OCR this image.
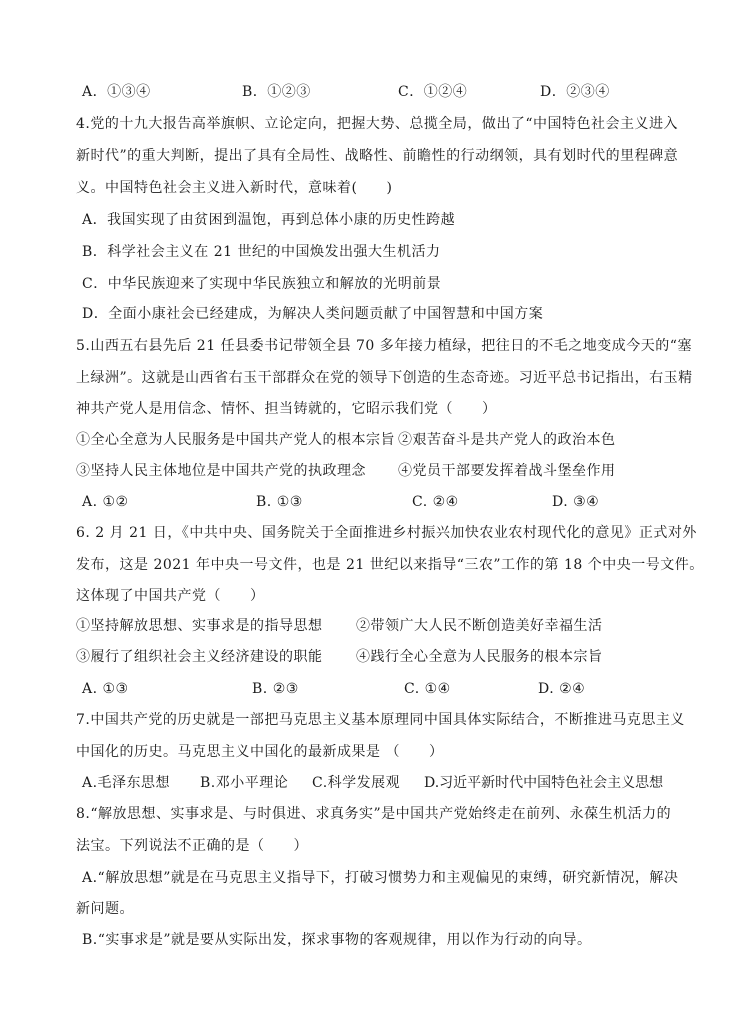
A．①③④	B．①②③	C．①②④	D．②③④
4.党的十九大报告高举旗帜、立论定向，把握大势、总揽全局，做出了“中国特色社会主义进入
新时代”的重大判断，提出了具有全局性、战略性、前瞻性的行动纲领，具有划时代的里程碑意
义。中国特色社会主义进入新时代，意味着(　　)
A．我国实现了由贫困到温饱，再到总体小康的历史性跨越
B．科学社会主义在 21 世纪的中国焕发出强大生机活力
C．中华民族迎来了实现中华民族独立和解放的光明前景
D．全面小康社会已经建成，为解决人类问题贡献了中国智慧和中国方案
5.山西五右县先后 21 任县委书记带领全县 70 多年接力植绿，把往日的不毛之地变成今天的“塞
上绿洲”。这就是山西省右玉干部群众在党的领导下创造的生态奇迹。习近平总书记指出，右玉精
神共产党人是用信念、情怀、担当铸就的，它昭示我们党（　　）
①全心全意为人民服务是中国共产党人的根本宗旨 ②艰苦奋斗是共产党人的政治本色
③坚持人民主体地位是中国共产党的执政理念 ④党员干部要发挥着战斗堡垒作用
A. ①②	B. ①③	C. ②④	D. ③④
6. 2 月 21 日，《中共中央、国务院关于全面推进乡村振兴加快农业农村现代化的意见》正式对外
发布，这是 2021 年中央一号文件，也是 21 世纪以来指导“三农”工作的第 18 个中央一号文件。
这体现了中国共产党（　　）
①坚持解放思想、实事求是的指导思想 ②带领广大人民不断创造美好幸福生活
③履行了组织社会主义经济建设的职能 ④践行全心全意为人民服务的根本宗旨
A. ①③	B. ②③	C. ①④	D. ②④
7.中国共产党的历史就是一部把马克思主义基本原理同中国具体实际结合，不断推进马克思主义
中国化的历史。马克思主义中国化的最新成果是 （　　）
A.毛泽东思想 B.邓小平理论 C.科学发展观 D.习近平新时代中国特色社会主义思想
8.“解放思想、实事求是、与时俱进、求真务实”是中国共产党始终走在前列、永葆生机活力的
法宝。下列说法不正确的是（　　）
A.“解放思想”就是在马克思主义指导下，打破习惯势力和主观偏见的束缚，研究新情况，解决
新问题。
B.“实事求是”就是要从实际出发，探求事物的客观规律，用以作为行动的向导。
